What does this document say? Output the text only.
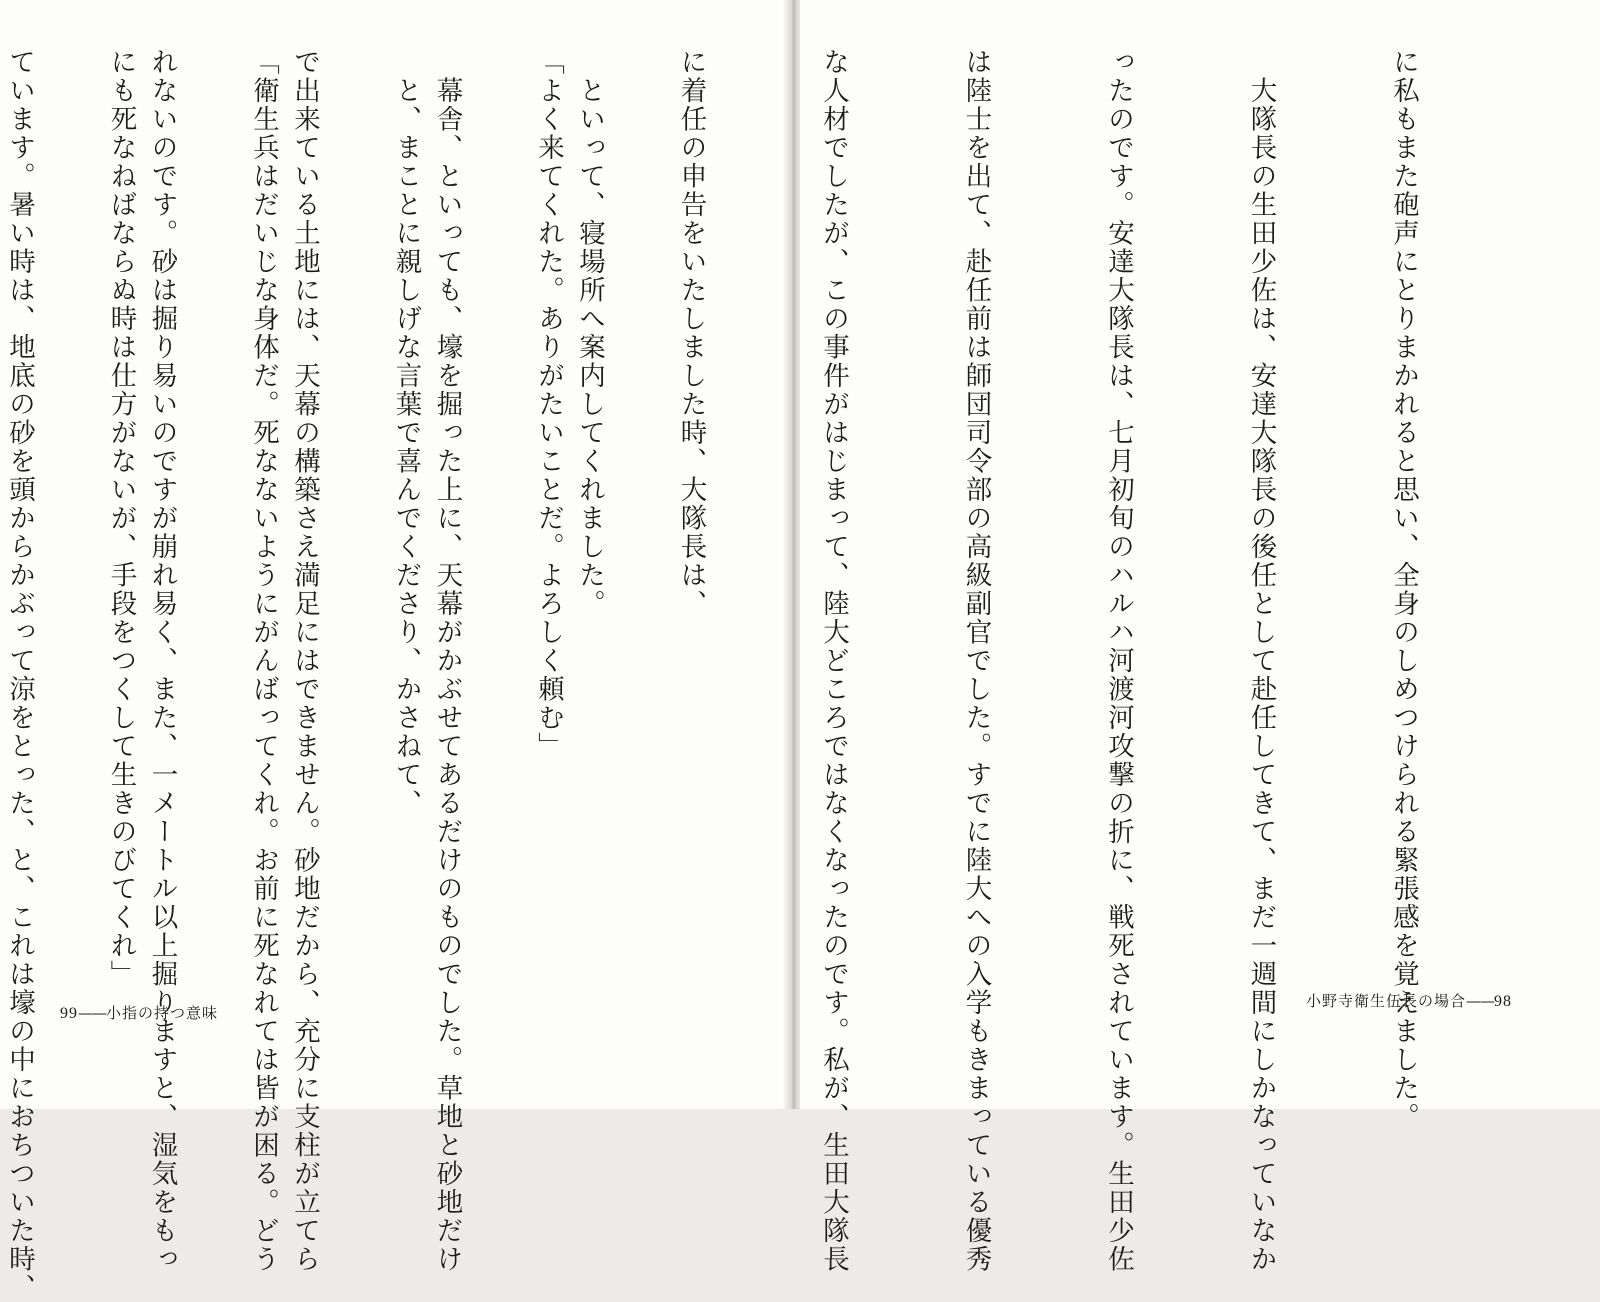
　といって、寝場所へ案内してくれました。

　幕舎、といっても、壕を掘った上に、天幕がかぶせてあるだけのものでした。草地と砂地だけ

で出来ている土地には、天幕の構築さえ満足にはできません。砂地だから、充分に支柱が立てら

れないのです。砂は掘り易いのですが崩れ易く、また、一メートル以上掘りますと、湿気をもっ

ています。暑い時は、地底の砂を頭からかぶって涼をとった、と、これは壕の中におちついた時、

	99——小指の持つ意味

	に私もまた砲声にとりまかれると思い、全身のしめつけられる緊張感を覚えました。

　大隊長の生田少佐は、安達大隊長の後任として赴任してきて、まだ一週間にしかなっていなか

ったのです。安達大隊長は、七月初旬のハルハ河渡河攻撃の折に、戦死されています。生田少佐

は陸士を出て、赴任前は師団司令部の高級副官でした。すでに陸大への入学もきまっている優秀

な人材でしたが、この事件がはじまって、陸大どころではなくなったのです。私が、生田大隊長

に着任の申告をいたしました時、大隊長は、

「よく来てくれた。ありがたいことだ。よろしく頼む」

　と、まことに親しげな言葉で喜んでくださり、かさねて、

「衛生兵はだいじな身体だ。死なないようにがんばってくれ。お前に死なれては皆が困る。どう

にも死なねばならぬ時は仕方がないが、手段をつくして生きのびてくれ」

小野寺衛生伍長の場合——98
